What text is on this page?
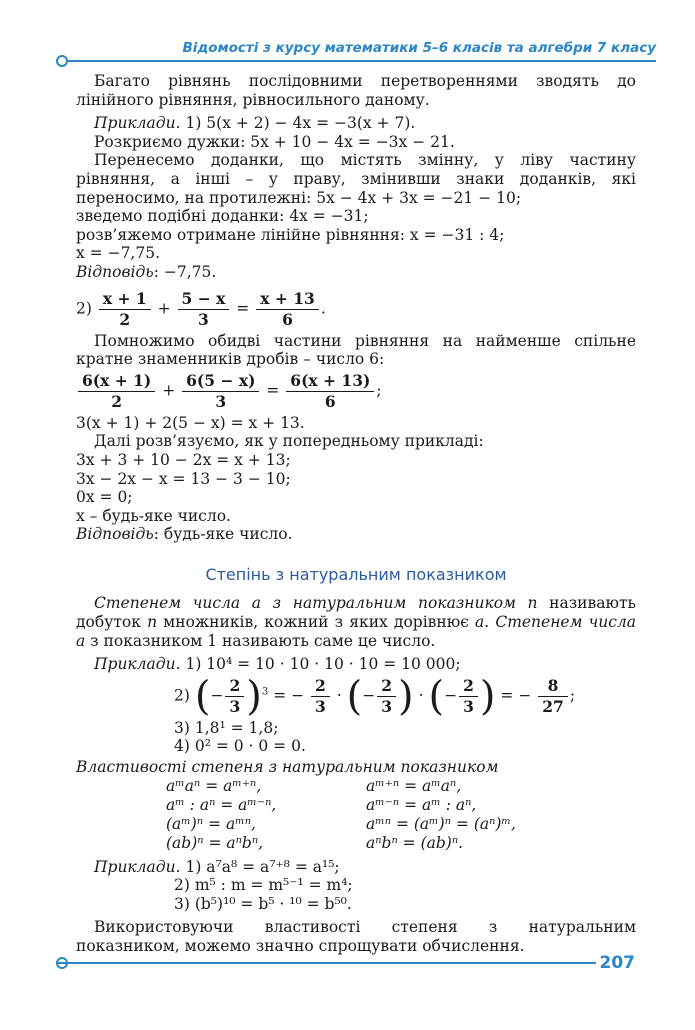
Відомості з курсу математики 5–6 класів та алгебри 7 класу

Багато рівнянь послідовними перетвореннями зводять до лінійного рівняння, рівносильного даному.

Приклади. 1) 5(x + 2) − 4x = −3(x + 7).

Розкриємо дужки: 5x + 10 − 4x = −3x − 21.

Перенесемо доданки, що містять змінну, у ліву частину рівняння, а інші – у праву, змінивши знаки доданків, які переносимо, на протилежні: 5x − 4x + 3x = −21 − 10;

зведемо подібні доданки: 4x = −31;

розв’яжемо отримане лінійне рівняння: x = −31 : 4;

x = −7,75.

Відповідь: −7,75.

$2) \frac{x + 1}{2} + \frac{5 - x}{3} = \frac{x + 13}{6}$ .

Помножимо обидві частини рівняння на найменше спільне кратне знаменників дробів – число 6:

$\frac{6(x + 1)}{2} + \frac{6(5 - x)}{3} = \frac{6(x + 13)}{6}$ ;

3(x + 1) + 2(5 − x) = x + 13.

Далі розв’язуємо, як у попередньому прикладі:

3x + 3 + 10 − 2x = x + 13;

3x − 2x − x = 13 − 3 − 10;

0x = 0;

x – будь-яке число.

Відповідь: будь-яке число.

Степінь з натуральним показником

Степенем числа a з натуральним показником n називають добуток n множників, кожний з яких дорівнює a. Степенем числа a з показником 1 називають саме це число.

Приклади. 1) 10⁴ = 10 · 10 · 10 · 10 = 10 000;

2) (− $\frac{2}{3} )^3$ = − $\frac{2}{3}$ · (− $\frac{2}{3}$ ) · (− $\frac{2}{3}$ ) = − $\frac{8}{27}$ ;

3) 1,8¹ = 1,8;

4) 0² = 0 · 0 = 0.

Властивості степеня з натуральним показником

aᵐaⁿ = aᵐ⁺ⁿ,	aᵐ⁺ⁿ = aᵐaⁿ,
aᵐ : aⁿ = aᵐ⁻ⁿ,	aᵐ⁻ⁿ = aᵐ : aⁿ,
(aᵐ)ⁿ = aᵐⁿ,	aᵐⁿ = (aᵐ)ⁿ = (aⁿ)ᵐ,
(ab)ⁿ = aⁿbⁿ,	aⁿbⁿ = (ab)ⁿ.

Приклади. 1) a⁷a⁸ = a⁷⁺⁸ = a¹⁵;

2) m⁵ : m = m⁵⁻¹ = m⁴;

3) (b⁵)¹⁰ = b⁵ · ¹⁰ = b⁵⁰.

Використовуючи властивості степеня з натуральним показником, можемо значно спрощувати обчислення.

207
